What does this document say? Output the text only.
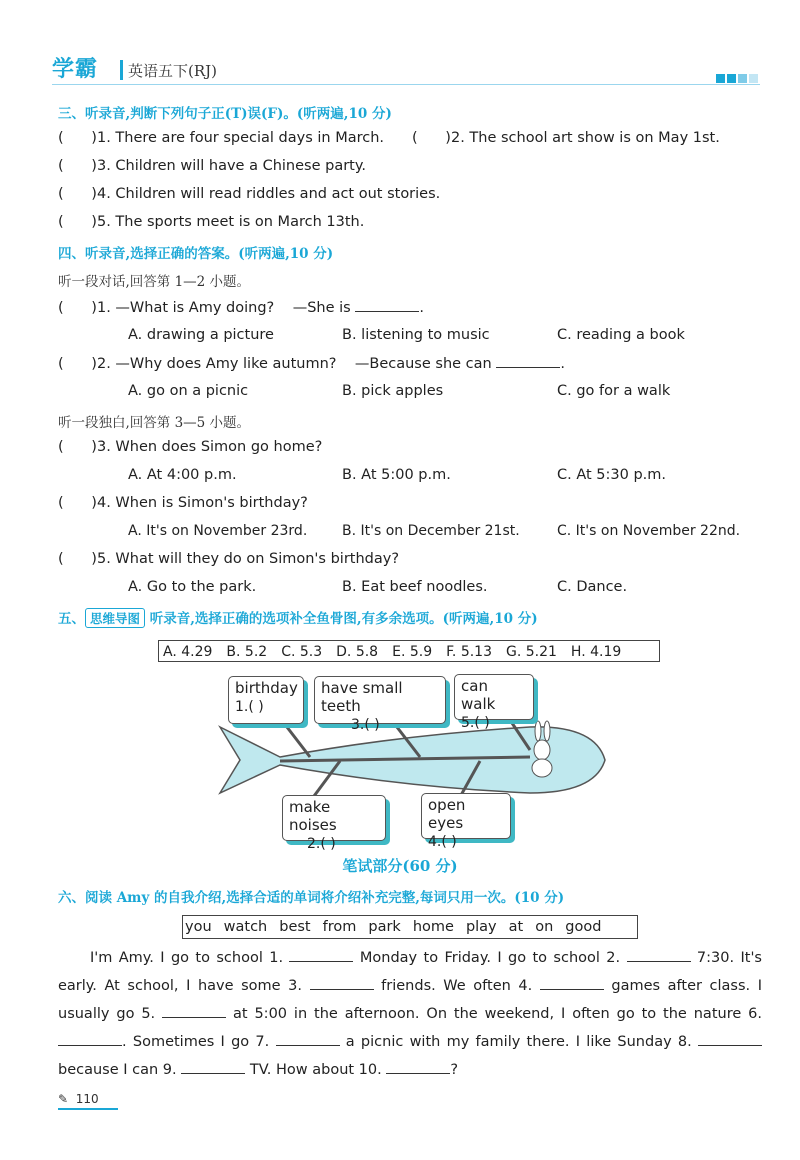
学霸 英语五下(RJ)
三、听录音,判断下列句子正(T)误(F)。(听两遍,10 分)
(      )1. There are four special days in March. (      )2. The school art show is on May 1st.
(      )3. Children will have a Chinese party.
(      )4. Children will read riddles and act out stories.
(      )5. The sports meet is on March 13th.
四、听录音,选择正确的答案。(听两遍,10 分)
听一段对话,回答第 1—2 小题。
(      )1. —What is Amy doing? —She is	.
A. drawing a picture	B. listening to music	C. reading a book
(      )2. —Why does Amy like autumn? —Because she can	.
A. go on a picnic	B. pick apples	C. go for a walk
听一段独白,回答第 3—5 小题。
(      )3. When does Simon go home?
A. At 4:00 p.m.	B. At 5:00 p.m.	C. At 5:30 p.m.
(      )4. When is Simon's birthday?
A. It's on November 23rd. B. It's on December 21st.	C. It's on November 22nd.
(      )5. What will they do on Simon's birthday?
A. Go to the park.	B. Eat beef noodles.	C. Dance.
五、 思维导图 听录音,选择正确的选项补全鱼骨图,有多余选项。(听两遍,10 分)
A. 4.29 B. 5.2 C. 5.3 D. 5.8 E. 5.9 F. 5.13 G. 5.21 H. 4.19
birthday
1.( )
have small teeth
3.( )
can walk
5.( )
make noises
2.( )
open eyes
4.( )
笔试部分(60 分)
六、阅读 Amy 的自我介绍,选择合适的单词将介绍补充完整,每词只用一次。(10 分)
you watch best from park home play at on good
I'm Amy. I go to school 1.	Monday to Friday. I go to school 2.	7:30. It's early. At school, I have some 3.	friends. We often 4.	games after class. I usually go 5.	at 5:00 in the afternoon. On the weekend, I often go to the nature 6. . Sometimes I go 7.	a picnic with my family there. I like Sunday 8.  because I can 9.	TV. How about 10.	?
✎  110
